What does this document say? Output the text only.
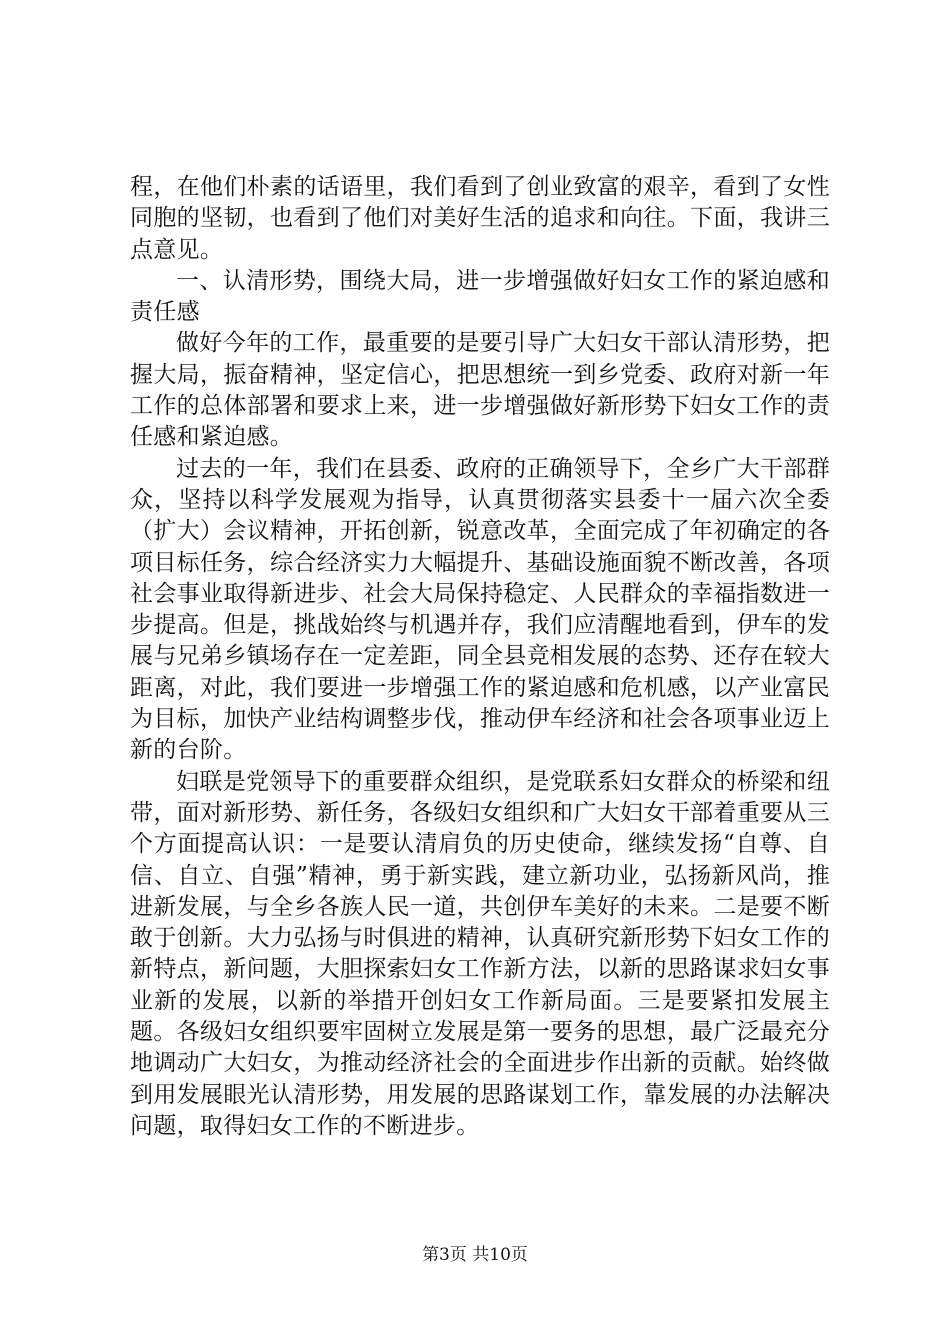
程，在他们朴素的话语里，我们看到了创业致富的艰辛，看到了女性同胞的坚韧，也看到了他们对美好生活的追求和向往。下面，我讲三点意见。

一、认清形势，围绕大局，进一步增强做好妇女工作的紧迫感和责任感

做好今年的工作，最重要的是要引导广大妇女干部认清形势，把握大局，振奋精神，坚定信心，把思想统一到乡党委、政府对新一年工作的总体部署和要求上来，进一步增强做好新形势下妇女工作的责任感和紧迫感。

过去的一年，我们在县委、政府的正确领导下，全乡广大干部群众，坚持以科学发展观为指导，认真贯彻落实县委十一届六次全委（扩大）会议精神，开拓创新，锐意改革，全面完成了年初确定的各项目标任务，综合经济实力大幅提升、基础设施面貌不断改善，各项社会事业取得新进步、社会大局保持稳定、人民群众的幸福指数进一步提高。但是，挑战始终与机遇并存，我们应清醒地看到，伊车的发展与兄弟乡镇场存在一定差距，同全县竞相发展的态势、还存在较大距离，对此，我们要进一步增强工作的紧迫感和危机感，以产业富民为目标，加快产业结构调整步伐，推动伊车经济和社会各项事业迈上新的台阶。

妇联是党领导下的重要群众组织，是党联系妇女群众的桥梁和纽带，面对新形势、新任务，各级妇女组织和广大妇女干部着重要从三个方面提高认识：一是要认清肩负的历史使命，继续发扬“自尊、自信、自立、自强”精神，勇于新实践，建立新功业，弘扬新风尚，推进新发展，与全乡各族人民一道，共创伊车美好的未来。二是要不断敢于创新。大力弘扬与时俱进的精神，认真研究新形势下妇女工作的新特点，新问题，大胆探索妇女工作新方法，以新的思路谋求妇女事业新的发展，以新的举措开创妇女工作新局面。三是要紧扣发展主题。各级妇女组织要牢固树立发展是第一要务的思想，最广泛最充分地调动广大妇女，为推动经济社会的全面进步作出新的贡献。始终做到用发展眼光认清形势，用发展的思路谋划工作，靠发展的办法解决问题，取得妇女工作的不断进步。

第3页 共10页
